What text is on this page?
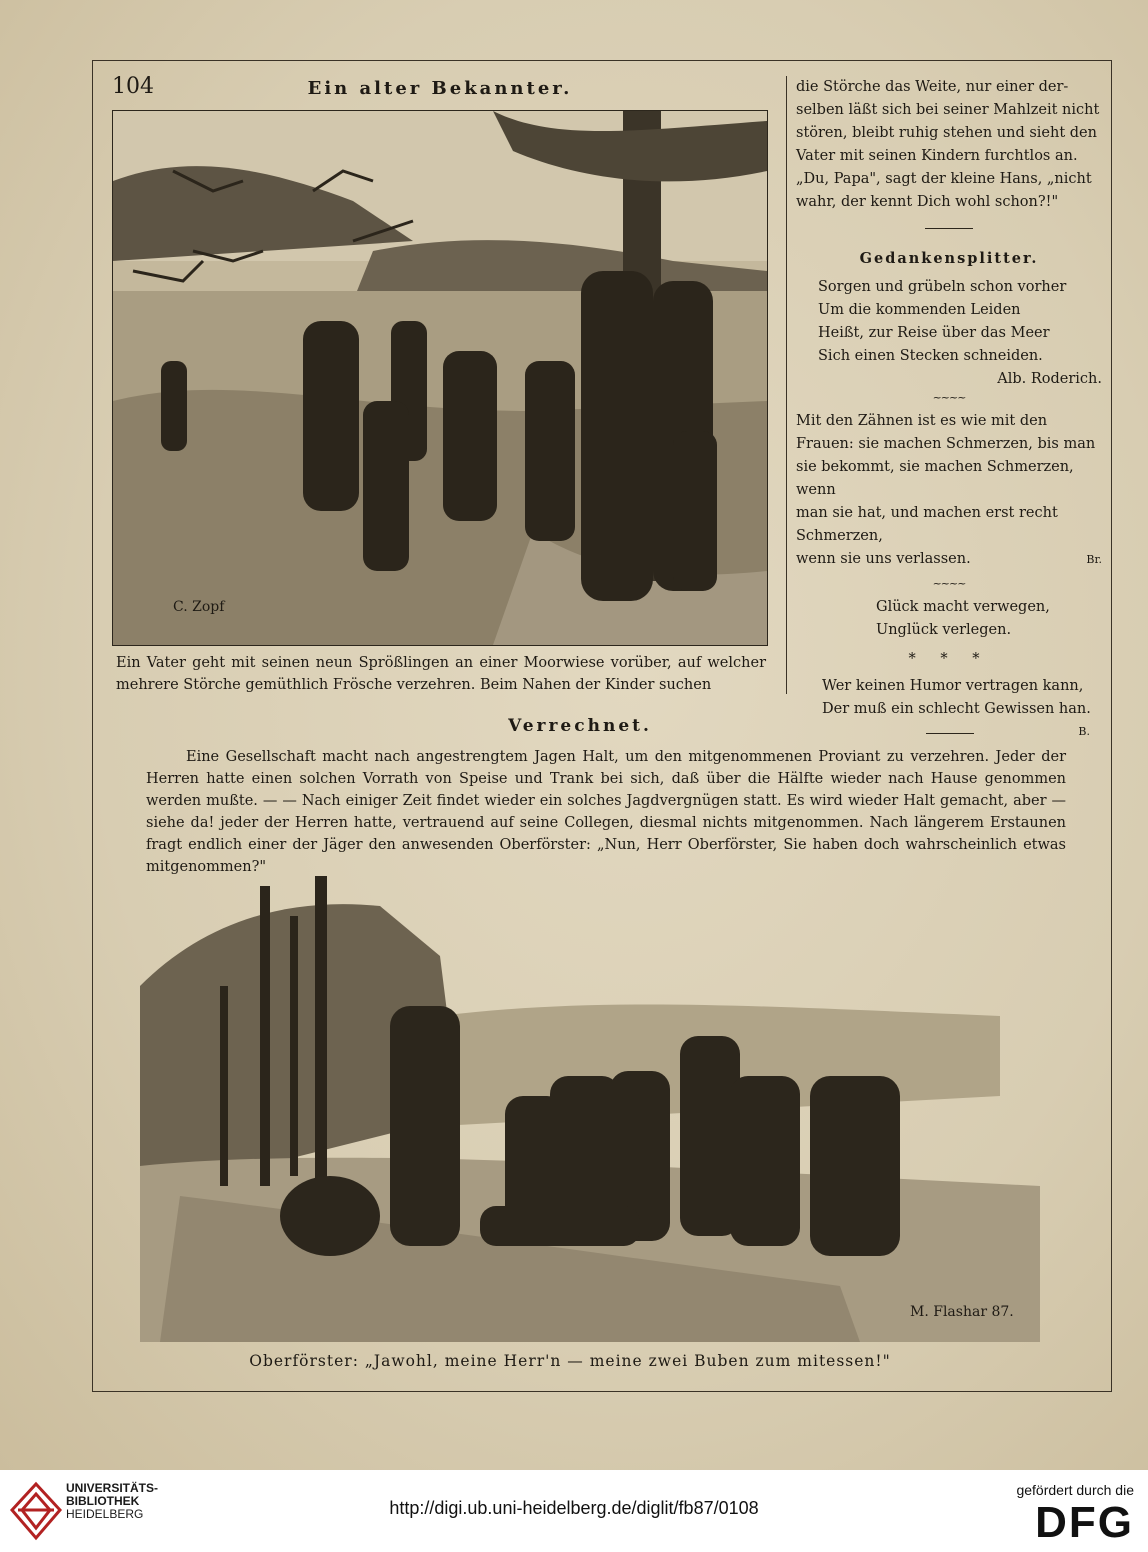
104	Ein alter Bekannter.
C. Zopf
Ein Vater geht mit seinen neun Sprößlingen an einer Moorwiese vorüber, auf welcher mehrere Störche gemüthlich Frösche verzehren. Beim Nahen der Kinder suchen

die Störche das Weite, nur einer der-

selben läßt sich bei seiner Mahlzeit nicht

stören, bleibt ruhig stehen und sieht den

Vater mit seinen Kindern furchtlos an.

„Du, Papa", sagt der kleine Hans, „nicht

wahr, der kennt Dich wohl schon?!"

Gedankensplitter.

Sorgen und grübeln schon vorher

Um die kommenden Leiden

Heißt, zur Reise über das Meer

Sich einen Stecken schneiden.

Alb. Roderich.

~~~~

Mit den Zähnen ist es wie mit den

Frauen: sie machen Schmerzen, bis man

sie bekommt, sie machen Schmerzen, wenn

man sie hat, und machen erst recht Schmerzen,

wenn sie uns verlassen.	Br.

~~~~

Glück macht verwegen,

Unglück verlegen.

* * *

Wer keinen Humor vertragen kann,

Der muß ein schlecht Gewissen han.

B.
Verrechnet.

Eine Gesellschaft macht nach angestrengtem Jagen Halt, um den mitgenommenen Proviant zu verzehren. Jeder der Herren hatte einen solchen Vorrath von Speise und Trank bei sich, daß über die Hälfte wieder nach Hause genommen werden mußte. — — Nach einiger Zeit findet wieder ein solches Jagdvergnügen statt. Es wird wieder Halt gemacht, aber — siehe da! jeder der Herren hatte, vertrauend auf seine Collegen, diesmal nichts mitgenommen. Nach längerem Erstaunen fragt endlich einer der Jäger den anwesenden Oberförster: „Nun, Herr Oberförster, Sie haben doch wahrscheinlich etwas mitgenommen?"

M. Flashar 87.
Oberförster: „Jawohl, meine Herr'n — meine zwei Buben zum mitessen!"
UNIVERSITÄTS-
BIBLIOTHEK
HEIDELBERG	http://digi.ub.uni-heidelberg.de/diglit/fb87/0108
gefördert durch die
DFG
